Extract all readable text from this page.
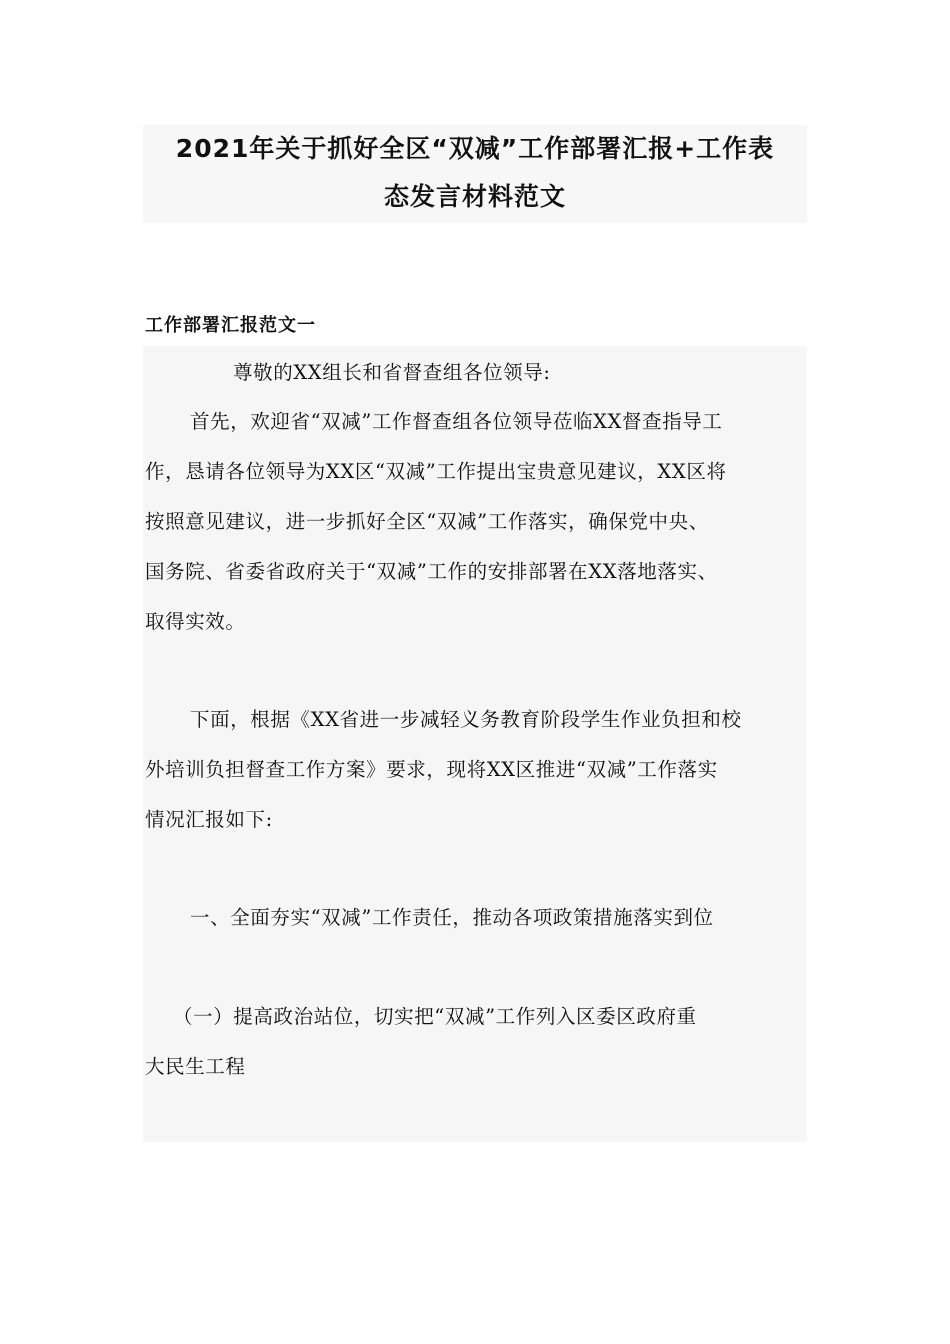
2021年关于抓好全区“双减”工作部署汇报+工作表
态发言材料范文
工作部署汇报范文一
尊敬的XX组长和省督查组各位领导:
首先，欢迎省“双减”工作督查组各位领导莅临XX督查指导工
作，恳请各位领导为XX区“双减”工作提出宝贵意见建议，XX区将
按照意见建议，进一步抓好全区“双减”工作落实，确保党中央、
国务院、省委省政府关于“双减”工作的安排部署在XX落地落实、
取得实效。
下面，根据《XX省进一步减轻义务教育阶段学生作业负担和校
外培训负担督查工作方案》要求，现将XX区推进“双减”工作落实
情况汇报如下:
一、全面夯实“双减”工作责任，推动各项政策措施落实到位
（一）提高政治站位，切实把“双减”工作列入区委区政府重
大民生工程
